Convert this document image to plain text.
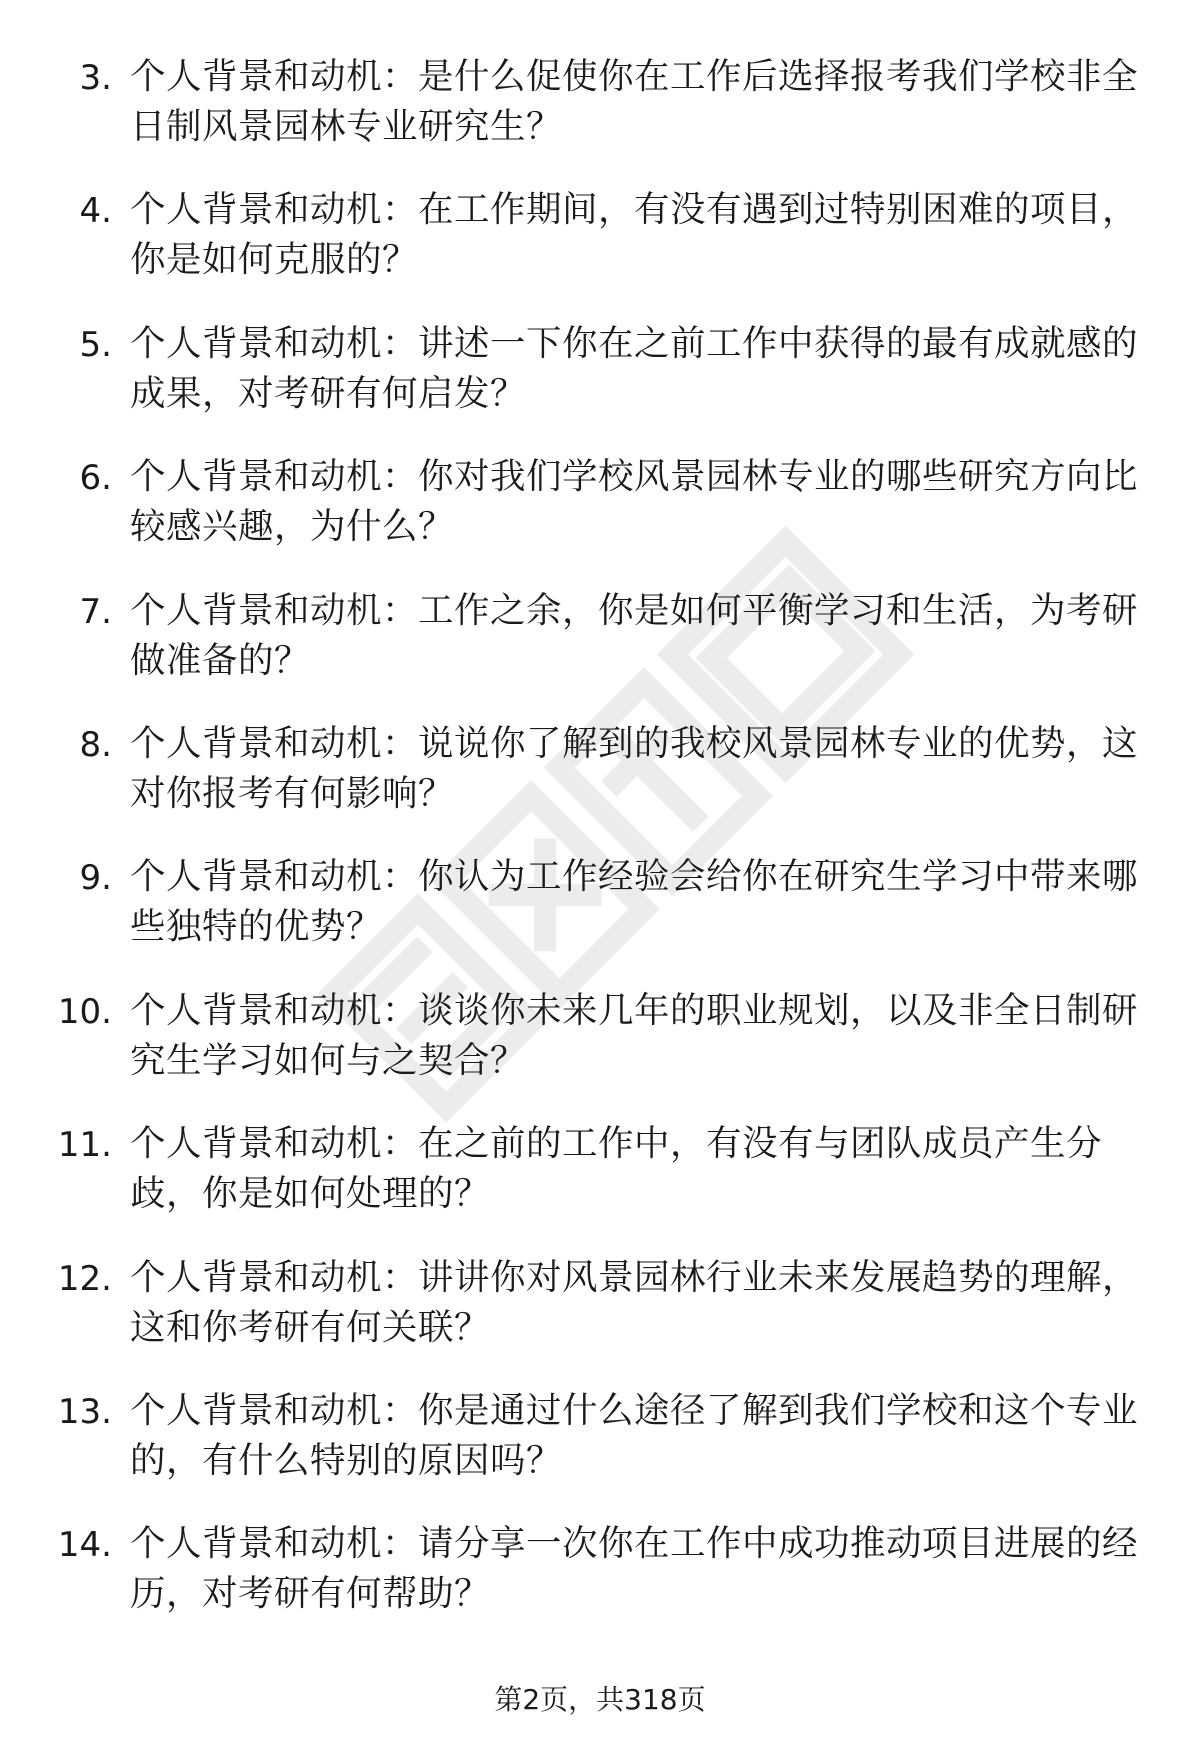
3. 个人背景和动机：是什么促使你在工作后选择报考我们学校非全日制风景园林专业研究生？
4. 个人背景和动机：在工作期间，有没有遇到过特别困难的项目，你是如何克服的？
5. 个人背景和动机：讲述一下你在之前工作中获得的最有成就感的成果，对考研有何启发？
6. 个人背景和动机：你对我们学校风景园林专业的哪些研究方向比较感兴趣，为什么？
7. 个人背景和动机：工作之余，你是如何平衡学习和生活，为考研做准备的？
8. 个人背景和动机：说说你了解到的我校风景园林专业的优势，这对你报考有何影响？
9. 个人背景和动机：你认为工作经验会给你在研究生学习中带来哪些独特的优势？
10. 个人背景和动机：谈谈你未来几年的职业规划，以及非全日制研究生学习如何与之契合？
11. 个人背景和动机：在之前的工作中，有没有与团队成员产生分歧，你是如何处理的？
12. 个人背景和动机：讲讲你对风景园林行业未来发展趋势的理解，这和你考研有何关联？
13. 个人背景和动机：你是通过什么途径了解到我们学校和这个专业的，有什么特别的原因吗？
14. 个人背景和动机：请分享一次你在工作中成功推动项目进展的经历，对考研有何帮助？
第2页，共318页
